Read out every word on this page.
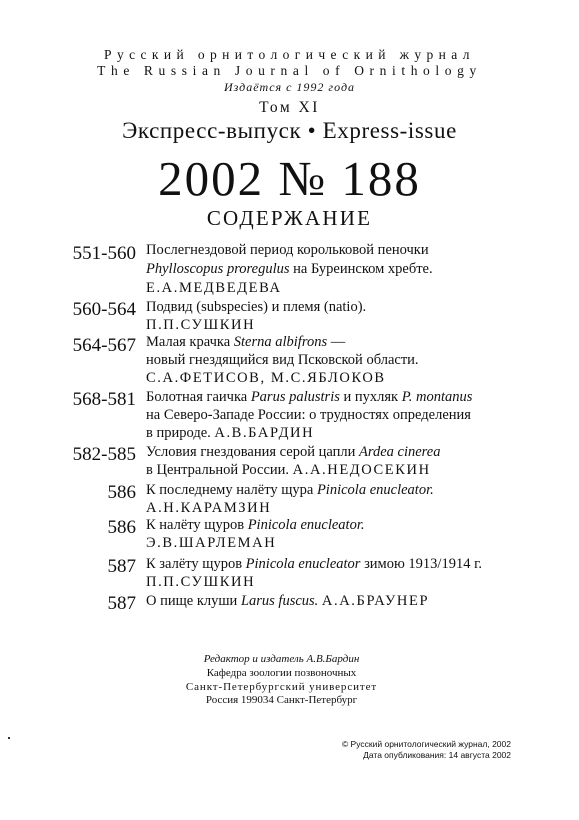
Русский орнитологический журнал
The Russian Journal of Ornithology
Издаётся с 1992 года
Том XI
Экспресс-выпуск • Express-issue
2002 № 188
СОДЕРЖАНИЕ
551-560 Послегнездовой период корольковой пеночки
Phylloscopus proregulus на Буреинском хребте.
Е.А.МЕДВЕДЕВА
560-564 Подвид (subspecies) и племя (natio).
П.П.СУШКИН
564-567 Малая крачка Sterna albifrons —
новый гнездящийся вид Псковской области.
С.А.ФЕТИСОВ, М.С.ЯБЛОКОВ
568-581 Болотная гаичка Parus palustris и пухляк P. montanus
на Северо-Западе России: о трудностях определения
в природе. А.В.БАРДИН
582-585 Условия гнездования серой цапли Ardea cinerea
в Центральной России. А.А.НЕДОСЕКИН
586 К последнему налёту щура Pinicola enucleator.
А.Н.КАРАМЗИН
586 К налёту щуров Pinicola enucleator.
Э.В.ШАРЛЕМАН
587 К залёту щуров Pinicola enucleator зимою 1913/1914 г.
П.П.СУШКИН
587 О пище клуши Larus fuscus. А.А.БРАУНЕР
Редактор и издатель А.В.Бардин
Кафедра зоологии позвоночных
Санкт-Петербургский университет
Россия 199034 Санкт-Петербург
© Русский орнитологический журнал, 2002
Дата опубликования: 14 августа 2002
